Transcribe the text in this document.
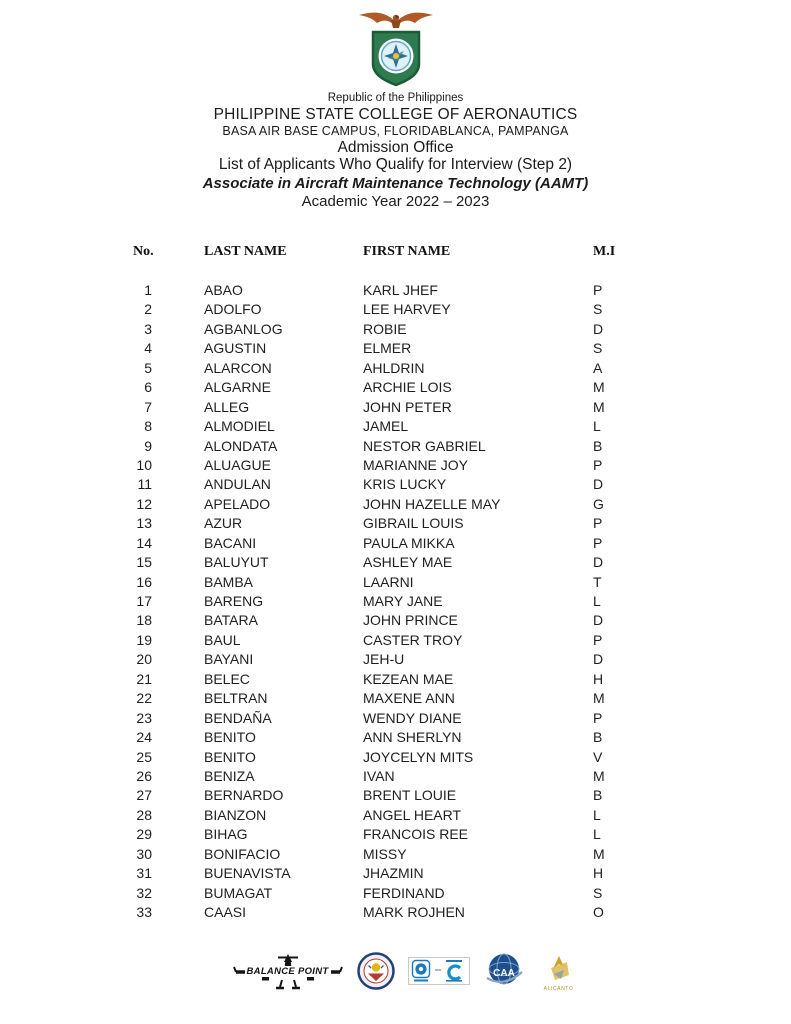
Republic of the Philippines
PHILIPPINE STATE COLLEGE OF AERONAUTICS
BASA AIR BASE CAMPUS, FLORIDABLANCA, PAMPANGA
Admission Office
List of Applicants Who Qualify for Interview (Step 2)
Associate in Aircraft Maintenance Technology (AAMT)
Academic Year 2022 – 2023
No.	LAST NAME	FIRST NAME	M.I
1	ABAO	KARL JHEF	P
2	ADOLFO	LEE HARVEY	S
3	AGBANLOG	ROBIE	D
4	AGUSTIN	ELMER	S
5	ALARCON	AHLDRIN	A
6	ALGARNE	ARCHIE LOIS	M
7	ALLEG	JOHN PETER	M
8	ALMODIEL	JAMEL	L
9	ALONDATA	NESTOR GABRIEL	B
10	ALUAGUE	MARIANNE JOY	P
11	ANDULAN	KRIS LUCKY	D
12	APELADO	JOHN HAZELLE MAY	G
13	AZUR	GIBRAIL LOUIS	P
14	BACANI	PAULA MIKKA	P
15	BALUYUT	ASHLEY MAE	D
16	BAMBA	LAARNI	T
17	BARENG	MARY JANE	L
18	BATARA	JOHN PRINCE	D
19	BAUL	CASTER TROY	P
20	BAYANI	JEH-U	D
21	BELEC	KEZEAN MAE	H
22	BELTRAN	MAXENE ANN	M
23	BENDAÑA	WENDY DIANE	P
24	BENITO	ANN SHERLYN	B
25	BENITO	JOYCELYN MITS	V
26	BENIZA	IVAN	M
27	BERNARDO	BRENT LOUIE	B
28	BIANZON	ANGEL HEART	L
29	BIHAG	FRANCOIS REE	L
30	BONIFACIO	MISSY	M
31	BUENAVISTA	JHAZMIN	H
32	BUMAGAT	FERDINAND	S
33	CAASI	MARK ROJHEN	O
BALANCE POINT	CAA
ALICANTO
